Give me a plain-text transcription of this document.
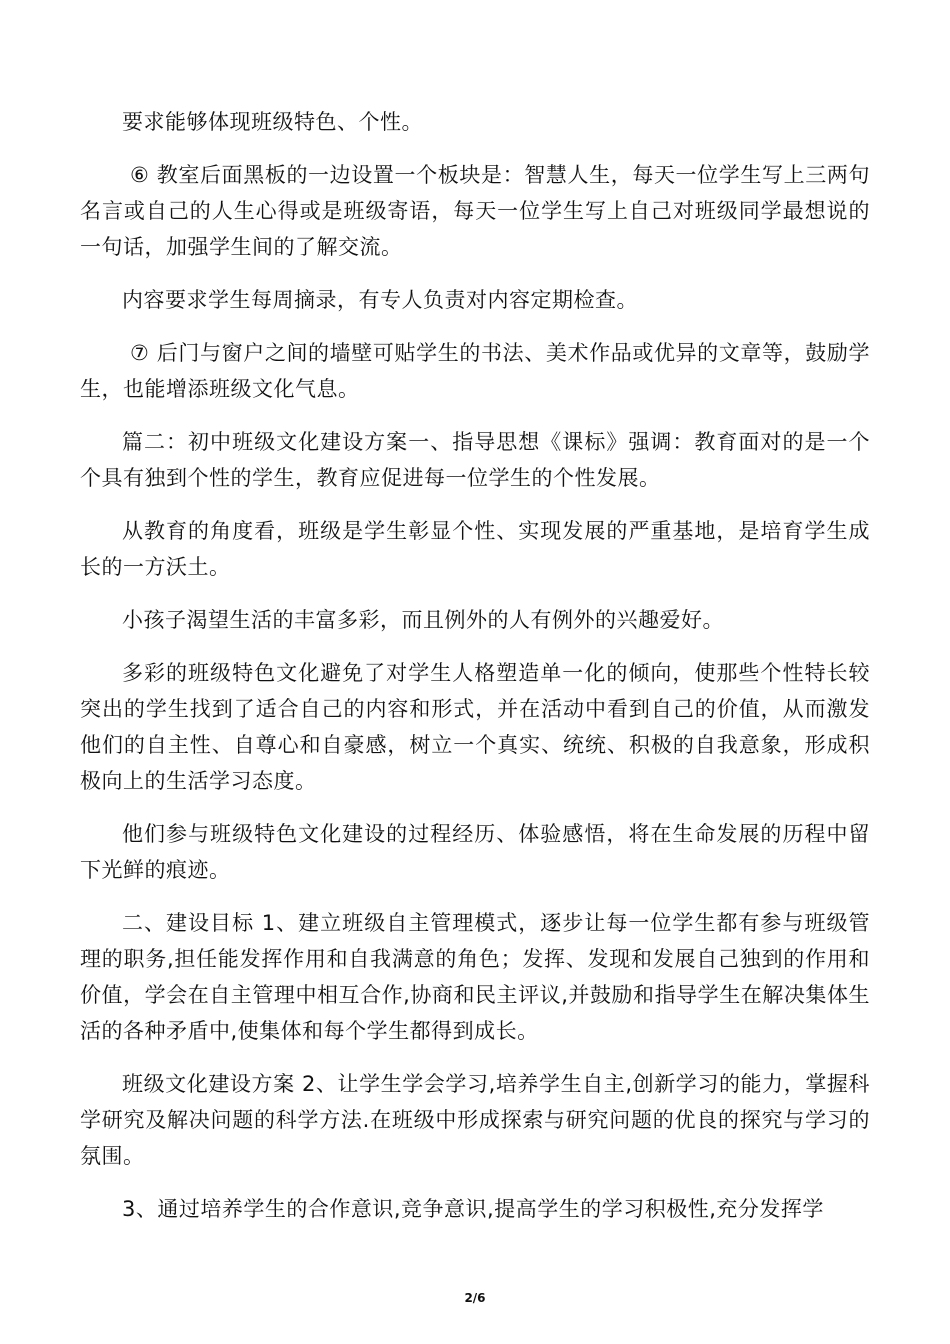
要求能够体现班级特色、个性。

⑥ 教室后面黑板的一边设置一个板块是：智慧人生，每天一位学生写上三两句名言或自己的人生心得或是班级寄语，每天一位学生写上自己对班级同学最想说的一句话，加强学生间的了解交流。

内容要求学生每周摘录，有专人负责对内容定期检查。

⑦ 后门与窗户之间的墙壁可贴学生的书法、美术作品或优异的文章等，鼓励学生，也能增添班级文化气息。

篇二：初中班级文化建设方案一、指导思想《课标》强调：教育面对的是一个个具有独到个性的学生，教育应促进每一位学生的个性发展。

从教育的角度看，班级是学生彰显个性、实现发展的严重基地，是培育学生成长的一方沃土。

小孩子渴望生活的丰富多彩，而且例外的人有例外的兴趣爱好。

多彩的班级特色文化避免了对学生人格塑造单一化的倾向，使那些个性特长较突出的学生找到了适合自己的内容和形式，并在活动中看到自己的价值，从而激发他们的自主性、自尊心和自豪感，树立一个真实、统统、积极的自我意象，形成积极向上的生活学习态度。

他们参与班级特色文化建设的过程经历、体验感悟，将在生命发展的历程中留下光鲜的痕迹。

二、建设目标 1、建立班级自主管理模式，逐步让每一位学生都有参与班级管理的职务,担任能发挥作用和自我满意的角色；发挥、发现和发展自己独到的作用和价值，学会在自主管理中相互合作,协商和民主评议,并鼓励和指导学生在解决集体生活的各种矛盾中,使集体和每个学生都得到成长。

班级文化建设方案 2、让学生学会学习,培养学生自主,创新学习的能力，掌握科学研究及解决问题的科学方法.在班级中形成探索与研究问题的优良的探究与学习的氛围。

3、通过培养学生的合作意识,竞争意识,提高学生的学习积极性,充分发挥学

2/6
